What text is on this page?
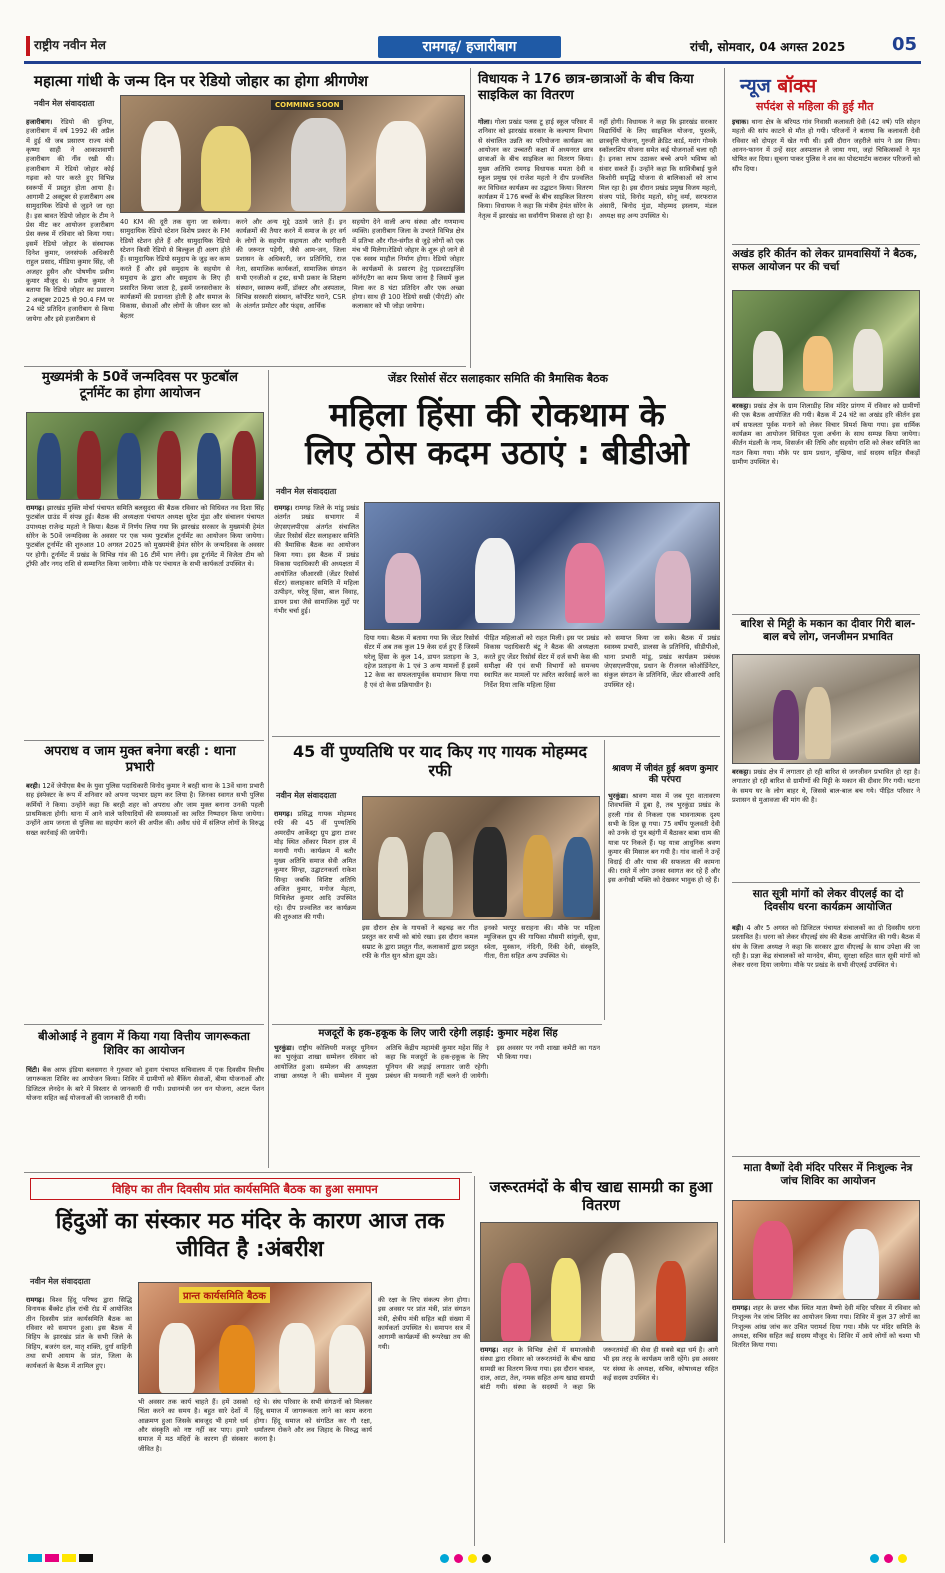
राष्ट्रीय नवीन मेल	रामगढ़/ हजारीबाग	रांची, सोमवार, 04 अगस्त 2025	05
महात्मा गांधी के जन्म दिन पर रेडियो जोहार का होगा श्रीगणेश
नवीन मेल संवाददाता
हजारीबाग। रेडियो की दुनिया, हजारीबाग में वर्ष 1992 की अप्रैल में हुई थी जब प्रसारण राज्य मंत्री कृष्णा साही ने आकाशवाणी हजारीबाग की नींव रखी थी।हजारीबाग में रेडियो जोहार कोई गढ़वा को पार करते हुए विभिन्न स्वरूपों में प्रस्तुत होता आया है। आगामी 2 अक्टूबर से हजारीबाग अब सामुदायिक रेडियो से जुड़ने जा रहा है। इस बावत रेडियो जोहार के टीम ने प्रेस मीट कर आयोजन हजारीबाग प्रेस क्लब में रविवार को किया गया। इसमें रेडियो जोहार के संस्थापक दिनेश कुमार, जनसंपर्क अधिकारी राहुल प्रसाद, मीडिया कुमार सिंह, जी अजहर हुसैन और पोषणीय प्रवीण कुमार मौजूद थे। प्रवीण कुमार ने बताया कि रेडियो जोहार का प्रसारण 2 अक्टूबर 2025 से 90.4 FM पर 24 घंटे प्रतिदिन हजारीबाग से किया जायेगा और इसे हजारीबाग से
COMMING SOON
40 KM की दूरी तक सुना जा सकेगा। सामुदायिक रेडियो स्टेशन विशेष प्रकार के FM रेडियो स्टेशन होते हैं और सामुदायिक रेडियो स्टेशन किसी रेडियो से बिल्कुल ही अलग होते हैं। सामुदायिक रेडियो समुदाय के जुड़ कर काम करते हैं और इसे समुदाय के सहयोग से समुदाय के द्वारा और समुदाय के लिए ही प्रसारित किया जाता है, इसमें जनसरोकार के कार्यक्रमों की प्रधानता होती है और समाज के विकास, सेवाओं और लोगों के जीवन स्तर को बेहतर
करने और अन्य मुद्दे उठाये जाते हैं। इन कार्यक्रमों की तैयार करने में समाज के हर वर्ग के लोगों के सहयोग सहायता और भागीदारी की जरूरत पड़ेगी, जैसे आम-जन, जिला प्रशासन के अधिकारी, जन प्रतिनिधि, राज नेता, सामाजिक कार्यकर्ता, सामाजिक संगठन सभी एनजीओ व ट्रस्ट, सभी प्रकार के शिक्षण संस्थान, स्वास्थ्य कर्मी, डॉक्टर और अस्पताल, विभिन्न सरकारी संस्थान, कॉर्पोरेट घराने, CSR के अंतर्गत प्रमोटर और फंड्स, आर्थिक
सहयोग देने वाली अन्य संस्था और गणमान्य व्यक्ति। हजारीबाग जिला के उभरते विभिन्न क्षेत्र में प्रतिभा और गीत-संगीत से जुड़े लोगों को एक मंच भी मिलेगा।रेडियो जोहार के शुरू हो जाने से एक स्वस्थ माहौल निर्माण होगा। रेडियो जोहार के कार्यक्रमों के प्रसारण हेतु एडवरटाइजिंग कॉर्नर/टैग का काम किया जाना है जिसमें कुल मिला कर 8 घंटा प्रतिदिन और एक अच्छा होगा। साथ ही 100 रेडियो सखी (पीएंटी) ओर कलाकार को भी जोड़ा जायेगा।
विधायक ने 176 छात्र-छात्राओं के बीच किया साइकिल का वितरण
गोला। गोला प्रखंड पलस टू हाई स्कूल परिसर में शनिवार को झारखंड सरकार के कल्याण विभाग से संचालित उन्नति का परियोजना कार्यक्रम का आयोजन कर उच्चतरी कक्षा में अध्यनरत छात्र छात्राओं के बीच साइकिल का वितरण किया। मुख्य अतिथि रामगढ़ विधायक ममता देवी व स्कूल प्रमुख एवं राजेश महतो ने दीप प्रज्वलित कर विधिवत कार्यक्रम का उद्घाटन किया। वितरण कार्यक्रम में 176 बच्चों के बीच साइकिल वितरण किया। विधायक ने कहा कि मंत्रीय हेमंत सोरेन के नेतृत्व में झारखंड का सर्वांगीण विकास हो रहा है।
नहीं होगी। विधायक ने कहा कि झारखंड सरकार विद्यार्थियों के लिए साइकिल योजना, पुस्तकें, छात्रवृत्ति योजना, गुरुजी क्रेडिट कार्ड, मरांग गोमके स्कॉलरशिप योजना समेत कई योजनाओं चला रही है। इनका लाभ उठाकर बच्चे अपने भविष्य को संवार सकते हैं। उन्होंने कहा कि सावित्रीबाई फुले किशोरी समृद्धि योजना से बालिकाओं को लाभ मिल रहा है। इस दौरान प्रखंड प्रमुख विजय महतो, संजय पांडे, विनोद महतो, सोनू वर्मा, सरफराज अंसारी, बिनोद मुंडा, मोहम्मद इस्लाम, मंडल अध्यक्ष सह अन्य उपस्थित थे।
न्यूज बॉक्स
सर्पदंश से महिला की हुई मौत
इचाक। थाना क्षेत्र के बरियठ गांव निवासी कलावती देवी (42 वर्ष) पति सोहन महतो की सांप काटने से मौत हो गयी। परिजनों ने बताया कि कलावती देवी रविवार को दोपहर में खेत गयी थी। इसी दौरान जहरीले सांप ने डस लिया। आनन-फानन में उन्हें सदर अस्पताल ले जाया गया, जहां चिकित्सकों ने मृत घोषित कर दिया। सूचना पाकर पुलिस ने शव का पोस्टमार्टम कराकर परिजनों को सौंप दिया।
अखंड हरि कीर्तन को लेकर ग्रामवासियों ने बैठक, सफल आयोजन पर की चर्चा
बरकट्ठा। प्रखंड क्षेत्र के ग्राम शिलाडीह शिव मंदिर प्रांगण में रविवार को ग्रामीणों की एक बैठक आयोजित की गयी। बैठक में 24 घंटे का अखंड हरि कीर्तन इस वर्ष सफलता पूर्वक मनाने को लेकर विचार विमर्श किया गया। इस धार्मिक कार्यक्रम का आयोजन विधिवत पूजा अर्चना के साथ सम्पन्न किया जायेगा। कीर्तन मंडली के नाम, विसर्जन की तिथि और सहयोग राशि को लेकर समिति का गठन किया गया। मौके पर ग्राम प्रधान, मुखिया, वार्ड सदस्य सहित सैकड़ों ग्रामीण उपस्थित थे।
बारिश से मिट्टी के मकान का दीवार गिरी बाल-बाल बचे लोग, जनजीमन प्रभावित
बरकट्ठा। प्रखंड क्षेत्र में लगातार हो रही बारिश से जनजीवन प्रभावित हो रहा है। लगातार हो रही बारिश से ग्रामीणों की मिट्टी के मकान की दीवार गिर गयी। घटना के समय घर के लोग बाहर थे, जिससे बाल-बाल बच गये। पीड़ित परिवार ने प्रशासन से मुआवजा की मांग की है।
सात सूत्री मांगों को लेकर वीएलई का दो दिवसीय धरना कार्यक्रम आयोजित
बड़ी। 4 और 5 अगस्त को डिजिटल पंचायत संचालकों का दो दिवसीय धरना प्रस्तावित है। धरना को लेकर वीएलई संघ की बैठक आयोजित की गयी। बैठक में संघ के जिला अध्यक्ष ने कहा कि सरकार द्वारा वीएलई के साथ उपेक्षा की जा रही है। प्रज्ञा केंद्र संचालकों को मानदेय, बीमा, सुरक्षा सहित सात सूत्री मांगों को लेकर धरना दिया जायेगा। मौके पर प्रखंड के सभी वीएलई उपस्थित थे।
माता वैष्णों देवी मंदिर परिसर में निःशुल्क नेत्र जांच शिविर का आयोजन
रामगढ़। शहर के छत्तर चौक स्थित माता वैष्णो देवी मंदिर परिसर में रविवार को निःशुल्क नेत्र जांच शिविर का आयोजन किया गया। शिविर में कुल 37 लोगों का निःशुल्क आंख जांच कर उचित परामर्श दिया गया। मौके पर मंदिर समिति के अध्यक्ष, सचिव सहित कई सदस्य मौजूद थे। शिविर में आये लोगों को चश्मा भी वितरित किया गया।
मुख्यमंत्री के 50वें जन्मदिवस पर फुटबॉल टूर्नामेंट का होगा आयोजन
रामगढ़। झारखंड मुक्ति मोर्चा पंचायत समिति बलसुदरा की बैठक रविवार को विधिवत नव दिशा सिंह फुटबॉल ग्राउंड में संपन्न हुई। बैठक की अध्यक्षता पंचायत अध्यक्ष सुरेश मुंडा और संचालन पंचायत उपाध्यक्ष राजेन्द्र महतो ने किया। बैठक में निर्णय लिया गया कि झारखंड सरकार के मुख्यमंत्री हेमंत सोरेन के 50वें जन्मदिवस के अवसर पर एक भव्य फुटबॉल टूर्नामेंट का आयोजन किया जायेगा। फुटबॉल टूर्नामेंट की शुरुआत 10 अगस्त 2025 को मुख्यमंत्री हेमंत सोरेन के जन्मदिवस के अवसर पर होगी। टूर्नामेंट में प्रखंड के विभिन्न गांव की 16 टीमें भाग लेंगी। इस टूर्नामेंट में विजेता टीम को ट्रॉफी और नगद राशि से सम्मानित किया जायेगा। मौके पर पंचायत के सभी कार्यकर्ता उपस्थित थे।
अपराध व जाम मुक्त बनेगा बरही : थाना प्रभारी
बरही। 12वें जेपीएस बैच के युवा पुलिस पदाधिकारी विनोद कुमार ने बरही थाना के 13वें थाना प्रभारी सह इंस्पेक्टर के रूप में शनिवार को अपना पदभार ग्रहण कर लिया है। जिनका स्वागत सभी पुलिस कर्मियों ने किया। उन्होंने कहा कि बरही शहर को अपराध और जाम मुक्त बनाना उनकी पहली प्राथमिकता होगी। थाना में आने वाले फरियादियों की समस्याओं का त्वरित निष्पादन किया जायेगा। उन्होंने आम जनता से पुलिस का सहयोग करने की अपील की। अवैध धंधे में संलिप्त लोगों के विरुद्ध सख्त कार्रवाई की जायेगी।
बीओआई ने हुवाग में किया गया वित्तीय जागरूकता शिविर का आयोजन
चिंटी। बैंक आफ इंडिया बलसगरा ने गुरुवार को हुवाग पंचायत सचिवालय में एक दिवसीय वित्तीय जागरूकता शिविर का आयोजन किया। शिविर में ग्रामीणों को बैंकिंग सेवाओं, बीमा योजनाओं और डिजिटल लेनदेन के बारे में विस्तार से जानकारी दी गयी। प्रधानमंत्री जन धन योजना, अटल पेंशन योजना सहित कई योजनाओं की जानकारी दी गयी।
जेंडर रिसोर्स सेंटर सलाहकार समिति की त्रैमासिक बैठक
महिला हिंसा की रोकथाम के
लिए ठोस कदम उठाएं : बीडीओ
नवीन मेल संवाददाता
रामगढ़। रामगढ़ जिले के मांडू प्रखंड अंतर्गत प्रखंड सभागार में जेएसएलपीएस अंतर्गत संचालित जेंडर रिसोर्स सेंटर सलाहकार समिति की त्रैमासिक बैठक का आयोजन किया गया। इस बैठक में प्रखंड विकास पदाधिकारी की अध्यक्षता में आयोजित जीआरसी (जेंडर रिसोर्स सेंटर) सलाहकार समिति में महिला उत्पीड़न, घरेलू हिंसा, बाल विवाह, डायन प्रथा जैसे सामाजिक मुद्दों पर गंभीर चर्चा हुई।
दिया गया। बैठक में बताया गया कि जेंडर रिसोर्स सेंटर में अब तक कुल 19 केस दर्ज हुए हैं जिसमें घरेलू हिंसा के कुल 14, डायन प्रताड़ना के 3, दहेज प्रताड़ना के 1 एवं 3 अन्य मामलों हैं इसमें 12 केस का सफलतापूर्वक समाधान किया गया है एवं दो केस प्रक्रियाधीन है।
पीड़ित महिलाओं को राहत मिली। इस पर प्रखंड विकास पदाधिकारी बंटू ने बैठक की अध्यक्षता करते हुए जेंडर रिसोर्स सेंटर में दर्ज सभी केस की समीक्षा की एवं सभी विभागों को समन्वय स्थापित कर मामलों पर त्वरित कार्रवाई करने का निर्देश दिया ताकि महिला हिंसा
को समाप्त किया जा सके। बैठक में प्रखंड स्वास्थ्य प्रभारी, डालसा के प्रतिनिधि, सीडीपीओ, थाना प्रभारी मांडू, प्रखंड कार्यक्रम प्रबंधक जेएसएलपीएस, प्रधान के रीजनल कोऑर्डिनेटर, संकुल संगठन के प्रतिनिधि, जेंडर सीआरपी आदि उपस्थित रहे।
45 वीं पुण्यतिथि पर याद किए गए गायक मोहम्मद रफी
नवीन मेल संवाददाता
रामगढ़। प्रसिद्ध गायक मोहम्मद रफी की 45 वीं पुण्यतिथि अमरदीप आर्केस्ट्रा ग्रुप द्वारा टावर मोड़ स्थित ओंकार मिशन हाल में मनायी गयी। कार्यक्रम में बतौर मुख्य अतिथि समाज सेवी अमित कुमार सिन्हा, उद्घाटनकर्ता राकेश सिन्हा जबकि विशिष्ट अतिथि अजित कुमार, मनोज मेहता, मिथिलेश कुमार आदि उपस्थित रहे। दीप प्रज्वलित कर कार्यक्रम की शुरुआत की गयी।
इस दौरान क्षेत्र के गायकों ने बढ़चढ़ कर गीत प्रस्तुत कर सभी को बांधे रखा। इस दौरान कमल सम्राट के द्वारा प्रस्तुत गीत, कलाकारों द्वारा प्रस्तुत रफी के गीत सुन श्रोता झूम उठे।
इनको भरपूर सराहना की। मौके पर महिला म्यूजिकल ग्रुप की गायिका मौसमी सांगुली, सुधा, स्वेता, मुस्कान, नंदिनी, रिंकी देवी, संस्कृति, गीता, रीता सहित अन्य उपस्थित थे।
श्रावण में जीवंत हुई श्रवण कुमार की परंपरा
भुरकुंडा। श्रावण मास में जब पूरा वातावरण शिवभक्ति में डूबा है, तब भुरकुंडा प्रखंड के हरली गांव से निकला एक भावनात्मक दृश्य सभी के दिल छू गया। 75 वर्षीय फूलवती देवी को उनके दो पुत्र बहंगी में बैठाकर बाबा धाम की यात्रा पर निकले हैं। यह यात्रा आधुनिक श्रवण कुमार की मिसाल बन गयी है। गांव वालों ने उन्हें विदाई दी और यात्रा की सफलता की कामना की। रास्ते में लोग उनका स्वागत कर रहे हैं और इस अनोखी भक्ति को देखकर भावुक हो रहे हैं।
मजदूरों के हक-हकूक के लिए जारी रहेगी लड़ाई: कुमार महेश सिंह
भुरकुंडा। राष्ट्रीय कोलियरी मजदूर यूनियन का भुरकुंडा शाखा सम्मेलन रविवार को आयोजित हुआ। सम्मेलन की अध्यक्षता शाखा अध्यक्ष ने की। सम्मेलन में मुख्य अतिथि केंद्रीय महामंत्री कुमार महेश सिंह ने कहा कि मजदूरों के हक-हकूक के लिए यूनियन की लड़ाई लगातार जारी रहेगी। प्रबंधन की मनमानी नहीं चलने दी जायेगी। इस अवसर पर नयी शाखा कमेटी का गठन भी किया गया।
विहिप का तीन दिवसीय प्रांत कार्यसमिति बैठक का हुआ समापन
हिंदुओं का संस्कार मठ मंदिर के कारण आज तक जीवित है :अंबरीश
नवीन मेल संवाददाता
रामगढ़। विश्व हिंदू परिषद द्वारा सिद्धि विनायक बैंक्वेट हॉल रांची रोड में आयोजित तीन दिवसीय प्रांत कार्यसमिति बैठक का रविवार को समापन हुआ। इस बैठक में विहिप के झारखंड प्रांत के सभी जिले के विहिप, बजरंग दल, मातृ शक्ति, दुर्गा वाहिनी तथा सभी आयाम के प्रांत, जिला के कार्यकर्ता के बैठक में शामिल हुए।
प्रान्त कार्यसमिति बैठक
भी अवसर तक कार्य चाहते हैं। हमें उसको चिंता करने का समय है। बहुत सारे देशों में आक्रमण हुआ जिसके बावजूद भी हमारे धर्म और संस्कृति को नष्ट नहीं कर पाए। हमारे समाज में मठ मंदिरों के कारण ही संस्कार जीवित है।
रहे थे। संघ परिवार के सभी संगठनों को मिलकर हिंदू समाज में जागरूकता लाने का काम करना होगा। हिंदू समाज को संगठित कर गौ रक्षा, धर्मांतरण रोकने और लव जिहाद के विरुद्ध कार्य करना है।
की रक्षा के लिए संकल्प लेना होगा। इस अवसर पर प्रांत मंत्री, प्रांत संगठन मंत्री, क्षेत्रीय मंत्री सहित बड़ी संख्या में कार्यकर्ता उपस्थित थे। समापन सत्र में आगामी कार्यक्रमों की रूपरेखा तय की गयी।
जरूरतमंदों के बीच खाद्य सामग्री का हुआ वितरण
रामगढ़। शहर के विभिन्न क्षेत्रों में समाजसेवी संस्था द्वारा रविवार को जरूरतमंदों के बीच खाद्य सामग्री का वितरण किया गया। इस दौरान चावल, दाल, आटा, तेल, नमक सहित अन्य खाद्य सामग्री बांटी गयी। संस्था के सदस्यों ने कहा कि जरूरतमंदों की सेवा ही सबसे बड़ा धर्म है। आगे भी इस तरह के कार्यक्रम जारी रहेंगे। इस अवसर पर संस्था के अध्यक्ष, सचिव, कोषाध्यक्ष सहित कई सदस्य उपस्थित थे।
